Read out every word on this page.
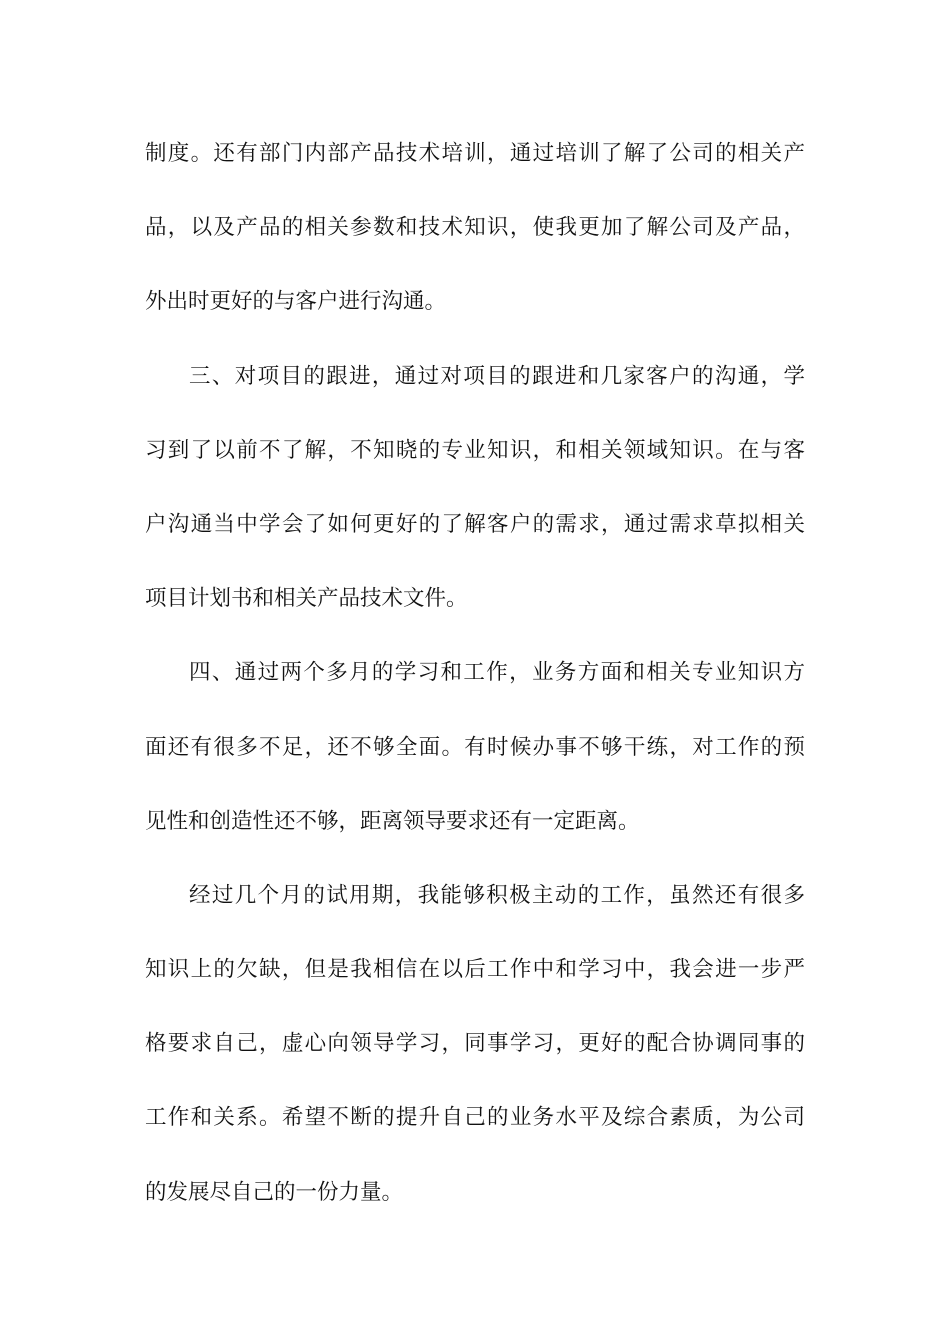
制度。还有部门内部产品技术培训，通过培训了解了公司的相关产
品，以及产品的相关参数和技术知识，使我更加了解公司及产品，
外出时更好的与客户进行沟通。
三、对项目的跟进，通过对项目的跟进和几家客户的沟通，学
习到了以前不了解，不知晓的专业知识，和相关领域知识。在与客
户沟通当中学会了如何更好的了解客户的需求，通过需求草拟相关
项目计划书和相关产品技术文件。
四、通过两个多月的学习和工作，业务方面和相关专业知识方
面还有很多不足，还不够全面。有时候办事不够干练，对工作的预
见性和创造性还不够，距离领导要求还有一定距离。
经过几个月的试用期，我能够积极主动的工作，虽然还有很多
知识上的欠缺，但是我相信在以后工作中和学习中，我会进一步严
格要求自己，虚心向领导学习，同事学习，更好的配合协调同事的
工作和关系。希望不断的提升自己的业务水平及综合素质，为公司
的发展尽自己的一份力量。
